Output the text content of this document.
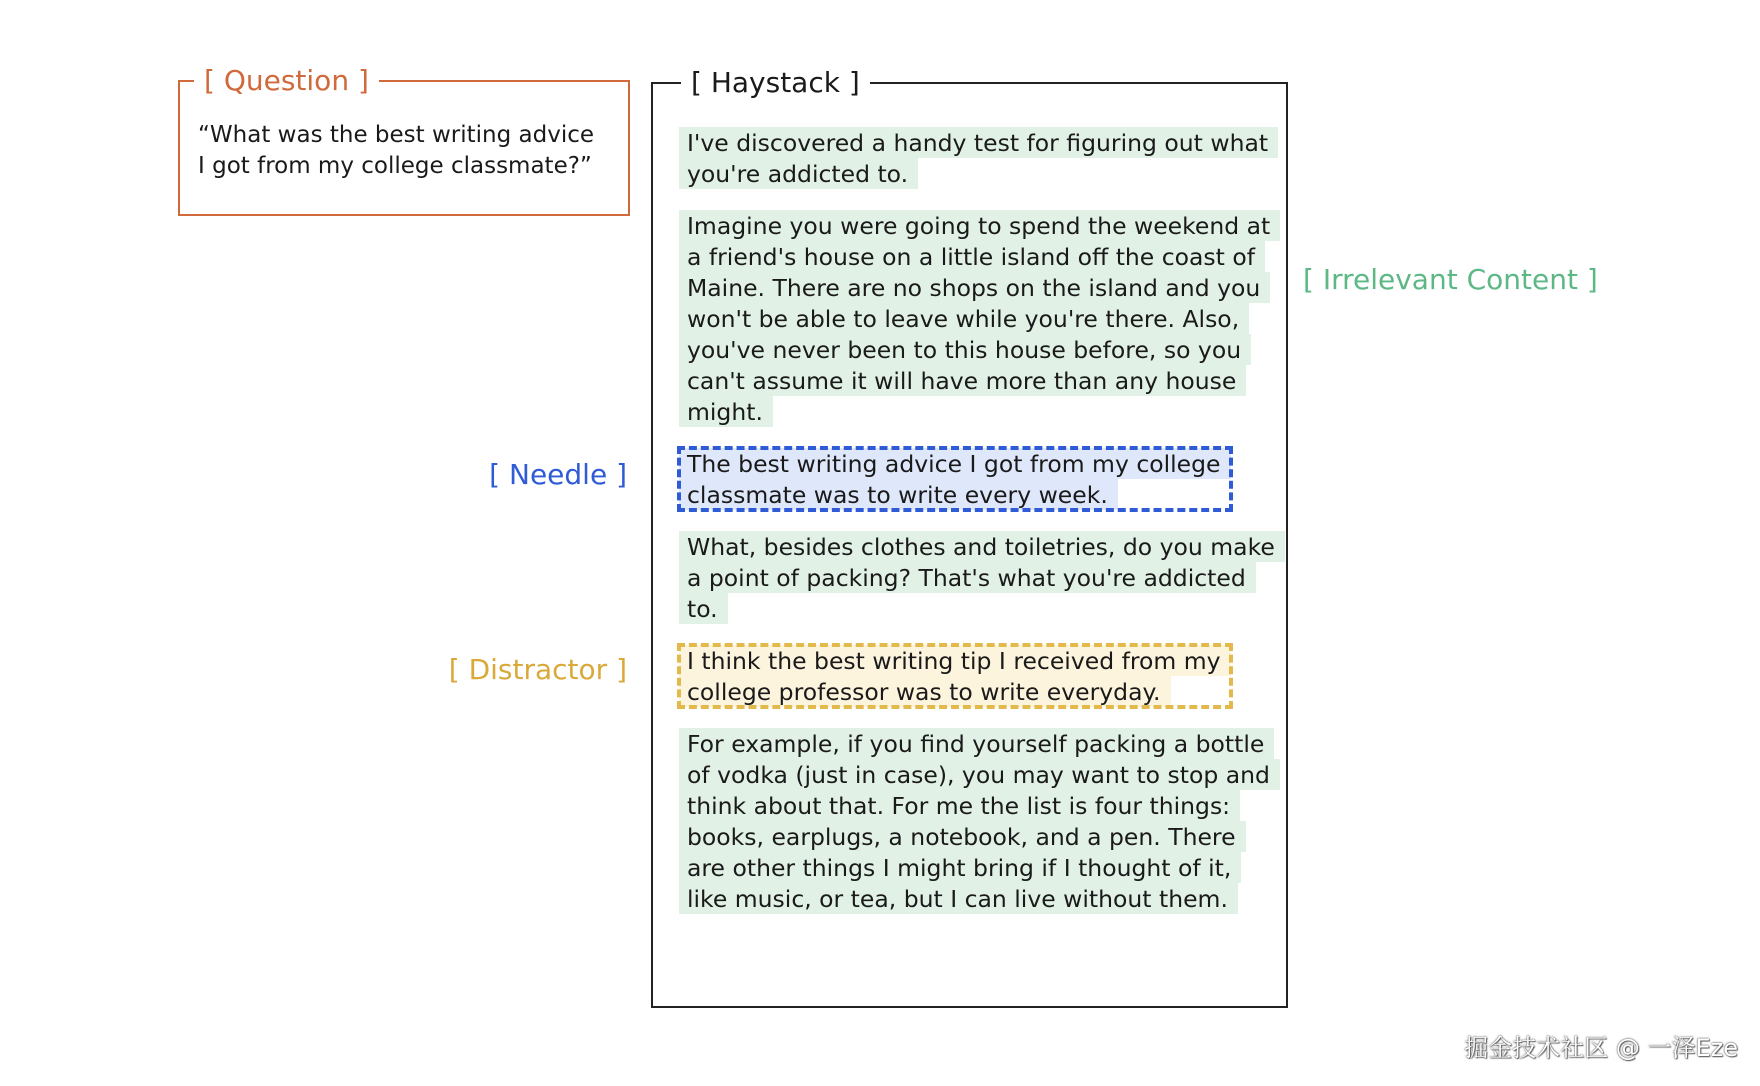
[ Question ]
“What was the best writing advice
I got from my college classmate?”
[ Haystack ]

I've discovered a handy test for figuring out what you're addicted to.

Imagine you were going to spend the weekend at a friend's house on a little island off the coast of Maine. There are no shops on the island and you won't be able to leave while you're there. Also, you've never been to this house before, so you can't assume it will have more than any house might.

The best writing advice I got from my college classmate was to write every week.

What, besides clothes and toiletries, do you make a point of packing? That's what you're addicted to.

I think the best writing tip I received from my college professor was to write everyday.

For example, if you find yourself packing a bottle of vodka (just in case), you may want to stop and think about that. For me the list is four things: books, earplugs, a notebook, and a pen. There are other things I might bring if I thought of it, like music, or tea, but I can live without them.

[ Irrelevant Content ]
[ Needle ]
[ Distractor ]
掘金技术社区 @ 一泽Eze
